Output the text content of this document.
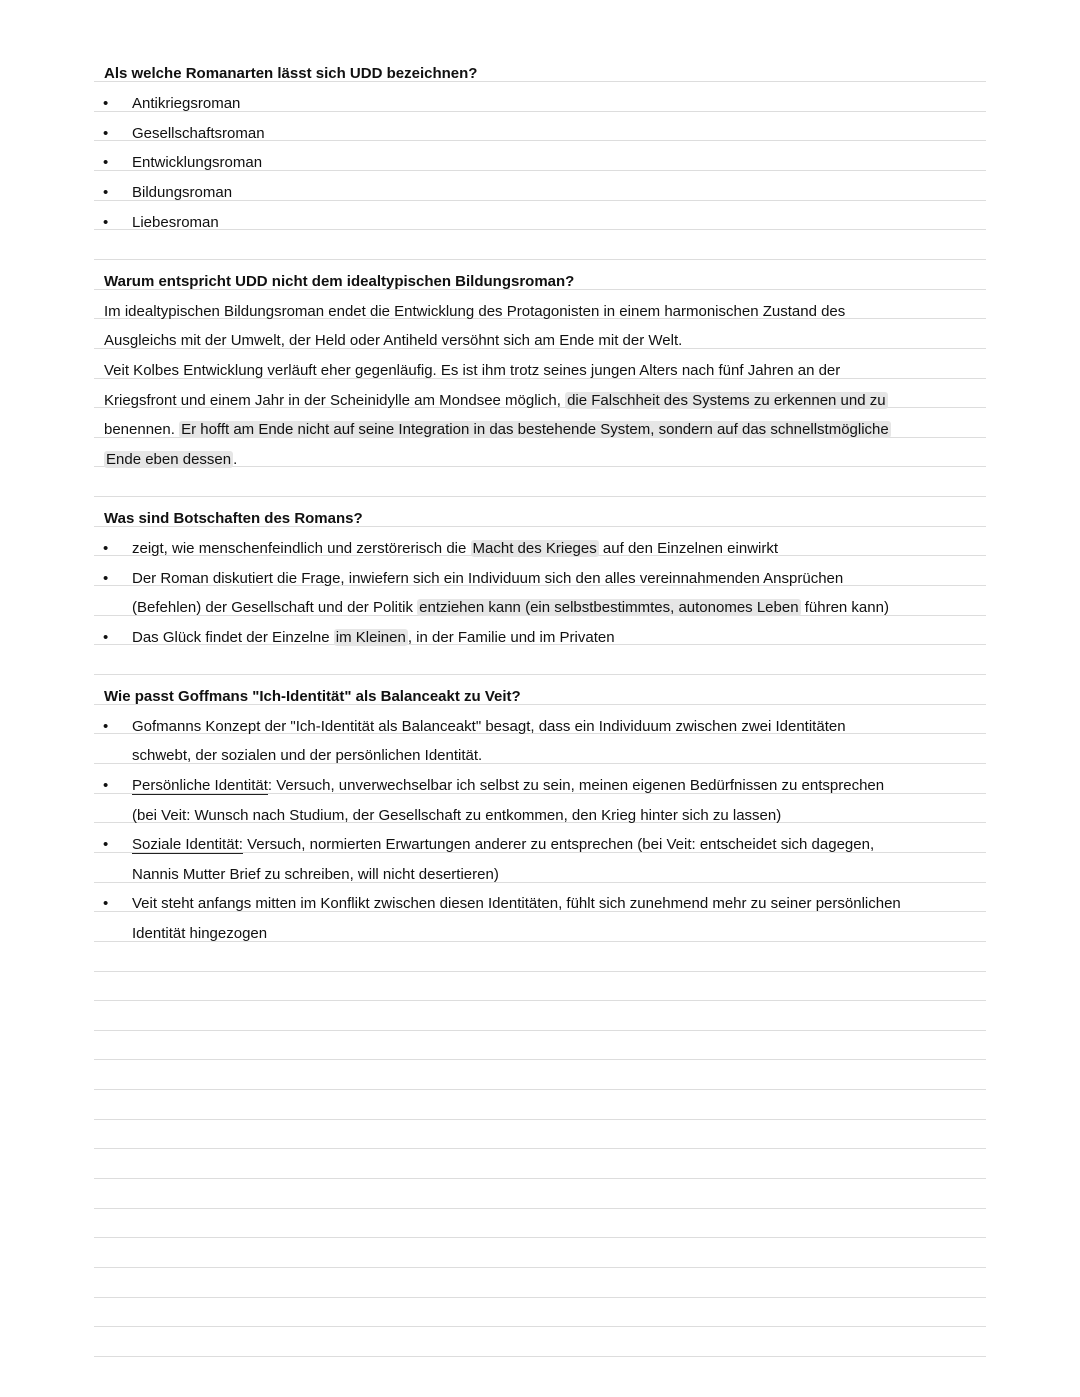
Als welche Romanarten lässt sich UDD bezeichnen?
• Antikriegsroman
• Gesellschaftsroman
• Entwicklungsroman
• Bildungsroman
• Liebesroman
Warum entspricht UDD nicht dem idealtypischen Bildungsroman?
Im idealtypischen Bildungsroman endet die Entwicklung des Protagonisten in einem harmonischen Zustand des
Ausgleichs mit der Umwelt, der Held oder Antiheld versöhnt sich am Ende mit der Welt.
Veit Kolbes Entwicklung verläuft eher gegenläufig. Es ist ihm trotz seines jungen Alters nach fünf Jahren an der
Kriegsfront und einem Jahr in der Scheinidylle am Mondsee möglich, die Falschheit des Systems zu erkennen und zu
benennen. Er hofft am Ende nicht auf seine Integration in das bestehende System, sondern auf das schnellstmögliche
Ende eben dessen .
Was sind Botschaften des Romans?
• zeigt, wie menschenfeindlich und zerstörerisch die Macht des Krieges auf den Einzelnen einwirkt
• Der Roman diskutiert die Frage, inwiefern sich ein Individuum sich den alles vereinnahmenden Ansprüchen
(Befehlen) der Gesellschaft und der Politik entziehen kann (ein selbstbestimmtes, autonomes Leben führen kann)
• Das Glück findet der Einzelne im Kleinen , in der Familie und im Privaten
Wie passt Goffmans "Ich-Identität" als Balanceakt zu Veit?
• Gofmanns Konzept der "Ich-Identität als Balanceakt" besagt, dass ein Individuum zwischen zwei Identitäten
schwebt, der sozialen und der persönlichen Identität.
• Persönliche Identität: Versuch, unverwechselbar ich selbst zu sein, meinen eigenen Bedürfnissen zu entsprechen
(bei Veit: Wunsch nach Studium, der Gesellschaft zu entkommen, den Krieg hinter sich zu lassen)
• Soziale Identität: Versuch, normierten Erwartungen anderer zu entsprechen (bei Veit: entscheidet sich dagegen,
Nannis Mutter Brief zu schreiben, will nicht desertieren)
• Veit steht anfangs mitten im Konflikt zwischen diesen Identitäten, fühlt sich zunehmend mehr zu seiner persönlichen
Identität hingezogen
